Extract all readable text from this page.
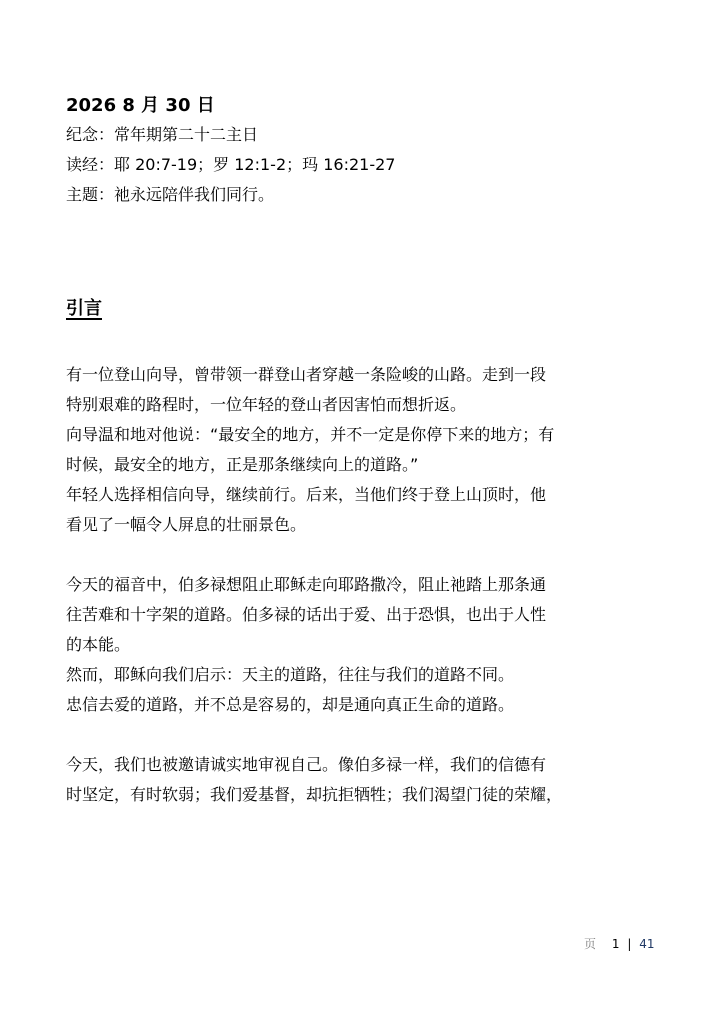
2026 8 月 30 日
纪念：常年期第二十二主日
读经：耶 20:7-19；罗 12:1-2；玛 16:21-27
主题：祂永远陪伴我们同行。
引言
有一位登山向导，曾带领一群登山者穿越一条险峻的山路。走到一段
特别艰难的路程时，一位年轻的登山者因害怕而想折返。
向导温和地对他说：“最安全的地方，并不一定是你停下来的地方；有
时候，最安全的地方，正是那条继续向上的道路。”
年轻人选择相信向导，继续前行。后来，当他们终于登上山顶时，他
看见了一幅令人屏息的壮丽景色。
今天的福音中，伯多禄想阻止耶稣走向耶路撒冷，阻止祂踏上那条通
往苦难和十字架的道路。伯多禄的话出于爱、出于恐惧，也出于人性
的本能。
然而，耶稣向我们启示：天主的道路，往往与我们的道路不同。
忠信去爱的道路，并不总是容易的，却是通向真正生命的道路。
今天，我们也被邀请诚实地审视自己。像伯多禄一样，我们的信德有
时坚定，有时软弱；我们爱基督，却抗拒牺牲；我们渴望门徒的荣耀，
页 1 | 41
